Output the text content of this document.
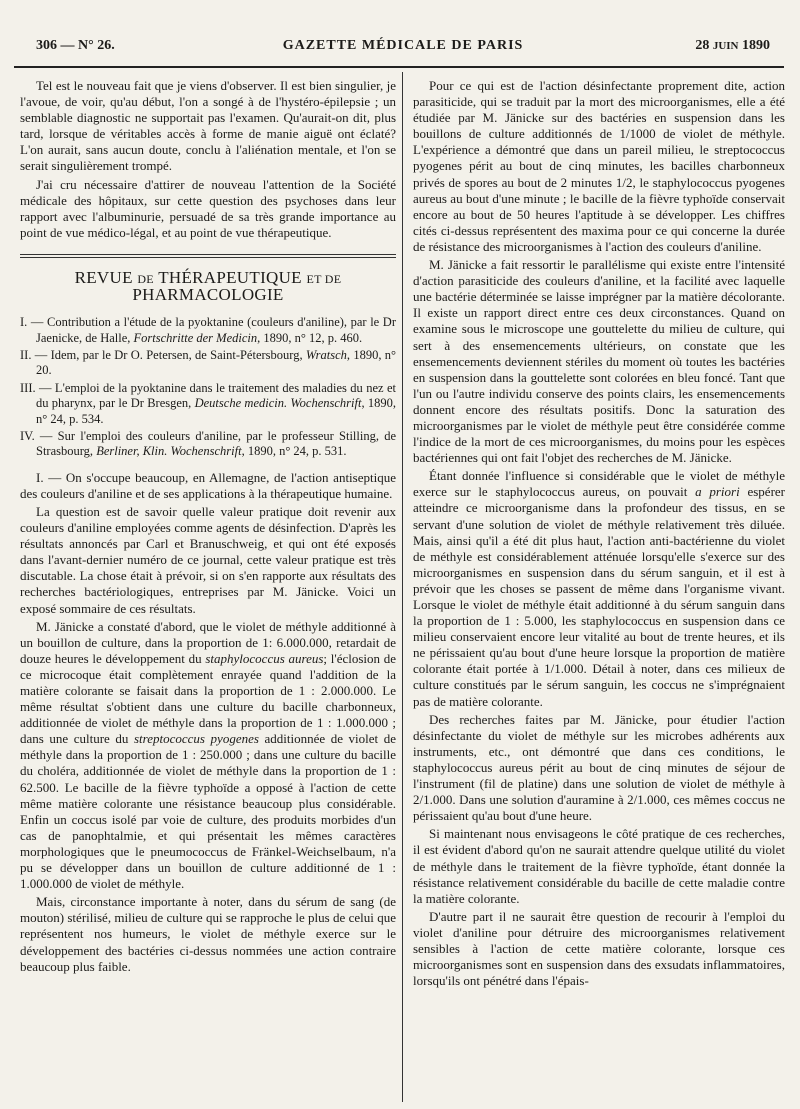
306 — N° 26.	GAZETTE MÉDICALE DE PARIS	28 JUIN 1890

Tel est le nouveau fait que je viens d'observer. Il est bien singulier, je l'avoue, de voir, qu'au début, l'on a songé à de l'hystéro-épilepsie ; un semblable diagnostic ne supportait pas l'examen. Qu'aurait-on dit, plus tard, lorsque de véritables accès à forme de manie aiguë ont éclaté? L'on aurait, sans aucun doute, conclu à l'aliénation mentale, et l'on se serait singulièrement trompé.

J'ai cru nécessaire d'attirer de nouveau l'attention de la Société médicale des hôpitaux, sur cette question des psychoses dans leur rapport avec l'albuminurie, persuadé de sa très grande importance au point de vue médico-légal, et au point de vue thérapeutique.

REVUE DE THÉRAPEUTIQUE ET DE PHARMACOLOGIE
I. — Contribution a l'étude de la pyoktanine (couleurs d'aniline), par le Dr Jaenicke, de Halle, Fortschritte der Medicin, 1890, n° 12, p. 460.
II. — Idem, par le Dr O. Petersen, de Saint-Pétersbourg, Wratsch, 1890, n° 20.
III. — L'emploi de la pyoktanine dans le traitement des maladies du nez et du pharynx, par le Dr Bresgen, Deutsche medicin. Wochenschrift, 1890, n° 24, p. 534.
IV. — Sur l'emploi des couleurs d'aniline, par le professeur Stilling, de Strasbourg, Berliner, Klin. Wochenschrift, 1890, n° 24, p. 531.

I. — On s'occupe beaucoup, en Allemagne, de l'action antiseptique des couleurs d'aniline et de ses applications à la thérapeutique humaine.

La question est de savoir quelle valeur pratique doit revenir aux couleurs d'aniline employées comme agents de désinfection. D'après les résultats annoncés par Carl et Branuschweig, et qui ont été exposés dans l'avant-dernier numéro de ce journal, cette valeur pratique est très discutable. La chose était à prévoir, si on s'en rapporte aux résultats des recherches bactériologiques, entreprises par M. Jänicke. Voici un exposé sommaire de ces résultats.

M. Jänicke a constaté d'abord, que le violet de méthyle additionné à un bouillon de culture, dans la proportion de 1: 6.000.000, retardait de douze heures le développement du staphylococcus aureus; l'éclosion de ce microcoque était complètement enrayée quand l'addition de la matière colorante se faisait dans la proportion de 1 : 2.000.000. Le même résultat s'obtient dans une culture du bacille charbonneux, additionnée de violet de méthyle dans la proportion de 1 : 1.000.000 ; dans une culture du streptococcus pyogenes additionnée de violet de méthyle dans la proportion de 1 : 250.000 ; dans une culture du bacille du choléra, additionnée de violet de méthyle dans la proportion de 1 : 62.500. Le bacille de la fièvre typhoïde a opposé à l'action de cette même matière colorante une résistance beaucoup plus considérable. Enfin un coccus isolé par voie de culture, des produits morbides d'un cas de panophtalmie, et qui présentait les mêmes caractères morphologiques que le pneumococcus de Fränkel-Weichselbaum, n'a pu se développer dans un bouillon de culture additionné de 1 : 1.000.000 de violet de méthyle.

Mais, circonstance importante à noter, dans du sérum de sang (de mouton) stérilisé, milieu de culture qui se rapproche le plus de celui que représentent nos humeurs, le violet de méthyle exerce sur le développement des bactéries ci-dessus nommées une action contraire beaucoup plus faible.

Pour ce qui est de l'action désinfectante proprement dite, action parasiticide, qui se traduit par la mort des microorganismes, elle a été étudiée par M. Jänicke sur des bactéries en suspension dans les bouillons de culture additionnés de 1/1000 de violet de méthyle. L'expérience a démontré que dans un pareil milieu, le streptococcus pyogenes périt au bout de cinq minutes, les bacilles charbonneux privés de spores au bout de 2 minutes 1/2, le staphylococcus pyogenes aureus au bout d'une minute ; le bacille de la fièvre typhoïde conservait encore au bout de 50 heures l'aptitude à se développer. Les chiffres cités ci-dessus représentent des maxima pour ce qui concerne la durée de résistance des microorganismes à l'action des couleurs d'aniline.

M. Jänicke a fait ressortir le parallélisme qui existe entre l'intensité d'action parasiticide des couleurs d'aniline, et la facilité avec laquelle une bactérie déterminée se laisse imprégner par la matière décolorante. Il existe un rapport direct entre ces deux circonstances. Quand on examine sous le microscope une gouttelette du milieu de culture, qui sert à des ensemencements ultérieurs, on constate que les ensemencements deviennent stériles du moment où toutes les bactéries en suspension dans la gouttelette sont colorées en bleu foncé. Tant que l'un ou l'autre individu conserve des points clairs, les ensemencements donnent encore des résultats positifs. Donc la saturation des microorganismes par le violet de méthyle peut être considérée comme l'indice de la mort de ces microorganismes, du moins pour les espèces bactériennes qui ont fait l'objet des recherches de M. Jänicke.

Étant donnée l'influence si considérable que le violet de méthyle exerce sur le staphylococcus aureus, on pouvait a priori espérer atteindre ce microorganisme dans la profondeur des tissus, en se servant d'une solution de violet de méthyle relativement très diluée. Mais, ainsi qu'il a été dit plus haut, l'action anti-bactérienne du violet de méthyle est considérablement atténuée lorsqu'elle s'exerce sur des microorganismes en suspension dans du sérum sanguin, et il est à prévoir que les choses se passent de même dans l'organisme vivant. Lorsque le violet de méthyle était additionné à du sérum sanguin dans la proportion de 1 : 5.000, les staphylococcus en suspension dans ce milieu conservaient encore leur vitalité au bout de trente heures, et ils ne périssaient qu'au bout d'une heure lorsque la proportion de matière colorante était portée à 1/1.000. Détail à noter, dans ces milieux de culture constitués par le sérum sanguin, les coccus ne s'imprégnaient pas de matière colorante.

Des recherches faites par M. Jänicke, pour étudier l'action désinfectante du violet de méthyle sur les microbes adhérents aux instruments, etc., ont démontré que dans ces conditions, le staphylococcus aureus périt au bout de cinq minutes de séjour de l'instrument (fil de platine) dans une solution de violet de méthyle à 2/1.000. Dans une solution d'auramine à 2/1.000, ces mêmes coccus ne périssaient qu'au bout d'une heure.

Si maintenant nous envisageons le côté pratique de ces recherches, il est évident d'abord qu'on ne saurait attendre quelque utilité du violet de méthyle dans le traitement de la fièvre typhoïde, étant donnée la résistance relativement considérable du bacille de cette maladie contre la matière colorante.

D'autre part il ne saurait être question de recourir à l'emploi du violet d'aniline pour détruire des microorganismes relativement sensibles à l'action de cette matière colorante, lorsque ces microorganismes sont en suspension dans des exsudats inflammatoires, lorsqu'ils ont pénétré dans l'épais-
